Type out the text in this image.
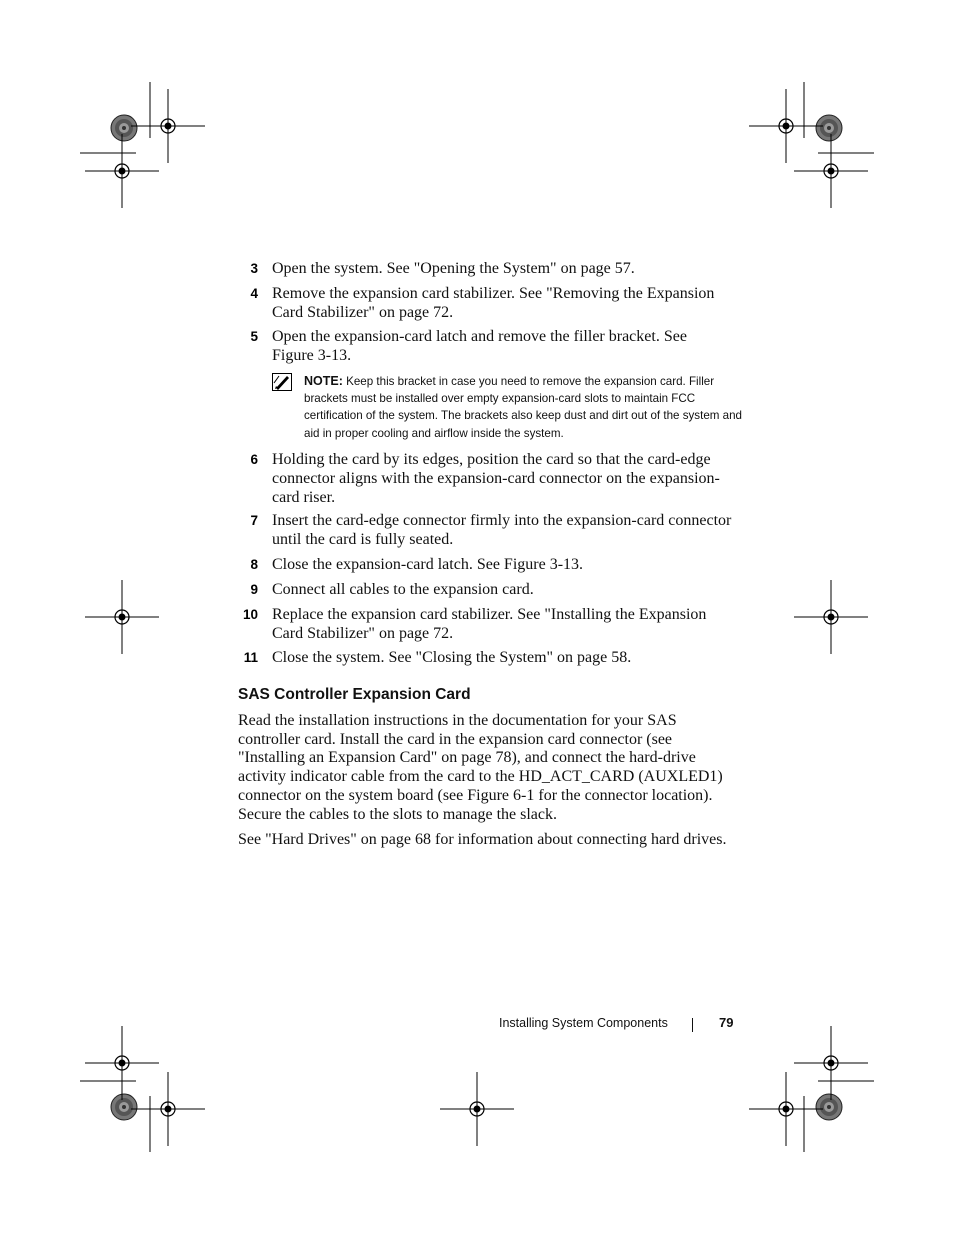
3 Open the system. See "Opening the System" on page 57.
4 Remove the expansion card stabilizer. See "Removing the Expansion Card Stabilizer" on page 72.
5 Open the expansion-card latch and remove the filler bracket. See Figure 3-13.
NOTE: Keep this bracket in case you need to remove the expansion card. Filler brackets must be installed over empty expansion-card slots to maintain FCC certification of the system. The brackets also keep dust and dirt out of the system and aid in proper cooling and airflow inside the system.
6 Holding the card by its edges, position the card so that the card-edge connector aligns with the expansion-card connector on the expansion-card riser.
7 Insert the card-edge connector firmly into the expansion-card connector until the card is fully seated.
8 Close the expansion-card latch. See Figure 3-13.
9 Connect all cables to the expansion card.
10 Replace the expansion card stabilizer. See "Installing the Expansion Card Stabilizer" on page 72.
11 Close the system. See "Closing the System" on page 58.
SAS Controller Expansion Card
Read the installation instructions in the documentation for your SAS controller card. Install the card in the expansion card connector (see "Installing an Expansion Card" on page 78), and connect the hard-drive activity indicator cable from the card to the HD_ACT_CARD (AUXLED1) connector on the system board (see Figure 6-1 for the connector location). Secure the cables to the slots to manage the slack.
See "Hard Drives" on page 68 for information about connecting hard drives.
Installing System Components	79
